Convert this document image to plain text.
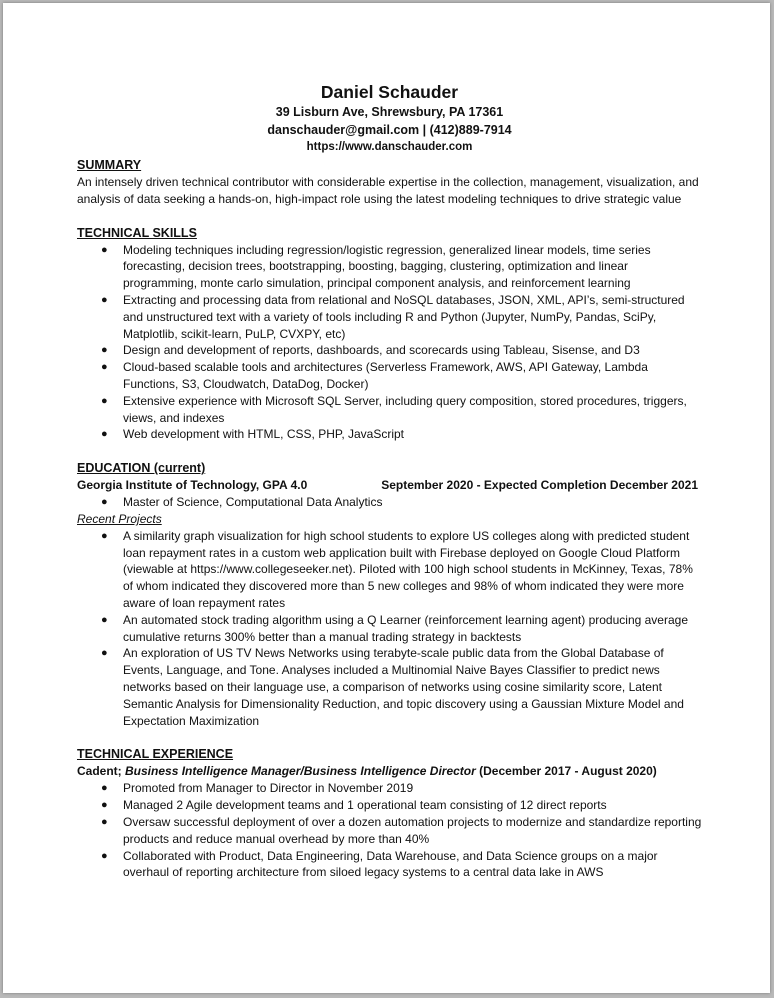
Daniel Schauder
39 Lisburn Ave, Shrewsbury, PA 17361
danschauder@gmail.com | (412)889-7914
https://www.danschauder.com
SUMMARY

An intensely driven technical contributor with considerable expertise in the collection, management, visualization, and analysis of data seeking a hands-on, high-impact role using the latest modeling techniques to drive strategic value

TECHNICAL SKILLS
● Modeling techniques including regression/logistic regression, generalized linear models, time series forecasting, decision trees, bootstrapping, boosting, bagging, clustering, optimization and linear programming, monte carlo simulation, principal component analysis, and reinforcement learning
● Extracting and processing data from relational and NoSQL databases, JSON, XML, API’s, semi-structured and unstructured text with a variety of tools including R and Python (Jupyter, NumPy, Pandas, SciPy, Matplotlib, scikit-learn, PuLP, CVXPY, etc)
● Design and development of reports, dashboards, and scorecards using Tableau, Sisense, and D3
● Cloud-based scalable tools and architectures (Serverless Framework, AWS, API Gateway, Lambda Functions, S3, Cloudwatch, DataDog, Docker)
● Extensive experience with Microsoft SQL Server, including query composition, stored procedures, triggers, views, and indexes
● Web development with HTML, CSS, PHP, JavaScript
EDUCATION (current)
Georgia Institute of Technology, GPA 4.0	September 2020 - Expected Completion December 2021
● Master of Science, Computational Data Analytics
Recent Projects
● A similarity graph visualization for high school students to explore US colleges along with predicted student loan repayment rates in a custom web application built with Firebase deployed on Google Cloud Platform (viewable at https://www.collegeseeker.net). Piloted with 100 high school students in McKinney, Texas, 78% of whom indicated they discovered more than 5 new colleges and 98% of whom indicated they were more aware of loan repayment rates
● An automated stock trading algorithm using a Q Learner (reinforcement learning agent) producing average cumulative returns 300% better than a manual trading strategy in backtests
● An exploration of US TV News Networks using terabyte-scale public data from the Global Database of Events, Language, and Tone. Analyses included a Multinomial Naive Bayes Classifier to predict news networks based on their language use, a comparison of networks using cosine similarity score, Latent Semantic Analysis for Dimensionality Reduction, and topic discovery using a Gaussian Mixture Model and Expectation Maximization
TECHNICAL EXPERIENCE
Cadent; Business Intelligence Manager/Business Intelligence Director (December 2017 - August 2020)
● Promoted from Manager to Director in November 2019
● Managed 2 Agile development teams and 1 operational team consisting of 12 direct reports
● Oversaw successful deployment of over a dozen automation projects to modernize and standardize reporting products and reduce manual overhead by more than 40%
● Collaborated with Product, Data Engineering, Data Warehouse, and Data Science groups on a major overhaul of reporting architecture from siloed legacy systems to a central data lake in AWS
